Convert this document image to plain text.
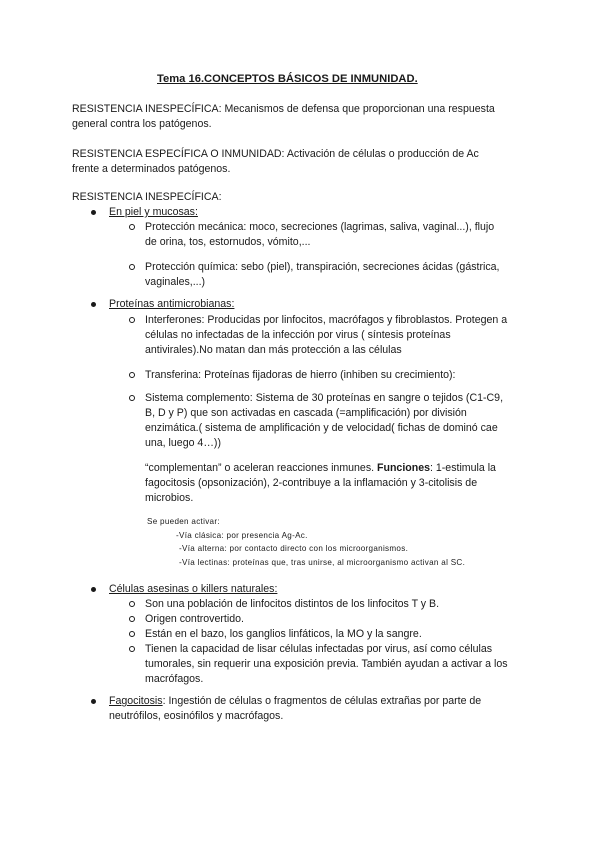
Tema 16.CONCEPTOS BÁSICOS DE INMUNIDAD.
RESISTENCIA INESPECÍFICA: Mecanismos de defensa que proporcionan una respuesta
general contra los patógenos.
RESISTENCIA ESPECÍFICA O INMUNIDAD: Activación de células o producción de Ac
frente a determinados patógenos.
RESISTENCIA INESPECÍFICA:
En piel y mucosas:
Protección mecánica: moco, secreciones (lagrimas, saliva, vaginal...), flujo
de orina, tos, estornudos, vómito,...
Protección química: sebo (piel), transpiración, secreciones ácidas (gástrica,
vaginales,...)
Proteínas antimicrobianas:
Interferones: Producidas por linfocitos, macrófagos y fibroblastos. Protegen a
células no infectadas de la infección por virus ( síntesis proteínas
antivirales).No matan dan más protección a las células
Transferina: Proteínas fijadoras de hierro (inhiben su crecimiento):
Sistema complemento: Sistema de 30 proteínas en sangre o tejidos (C1-C9,
B, D y P) que son activadas en cascada (=amplificación) por división
enzimática.( sistema de amplificación y de velocidad( fichas de dominó cae
una, luego 4…))
“complementan” o aceleran reacciones inmunes. Funciones: 1-estimula la
fagocitosis (opsonización), 2-contribuye a la inflamación y 3-citolisis de
microbios.
Se pueden activar:
-Vía clásica: por presencia Ag-Ac.
-Vía alterna: por contacto directo con los microorganismos.
-Vía lectinas: proteínas que, tras unirse, al microorganismo activan al SC.
Células asesinas o killers naturales:
Son una población de linfocitos distintos de los linfocitos T y B.
Origen controvertido.
Están en el bazo, los ganglios linfáticos, la MO y la sangre.
Tienen la capacidad de lisar células infectadas por virus, así como células
tumorales, sin requerir una exposición previa. También ayudan a activar a los
macrófagos.
Fagocitosis: Ingestión de células o fragmentos de células extrañas por parte de
neutrófilos, eosinófilos y macrófagos.
